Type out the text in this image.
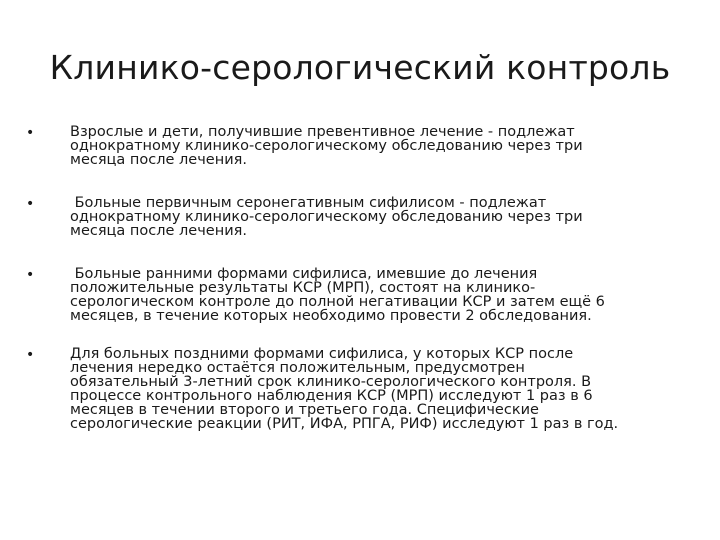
Клинико-серологический контроль
• Взрослые и дети, получившие превентивное лечение - подлежат
однократному клинико-серологическому обследованию через три
месяца после лечения.
• Больные первичным серонегативным сифилисом - подлежат
однократному клинико-серологическому обследованию через три
месяца после лечения.
• Больные ранними формами сифилиса, имевшие до лечения
положительные результаты КСР (МРП), состоят на клинико-
серологическом контроле до полной негативации КСР и затем ещё 6
месяцев, в течение которых необходимо провести 2 обследования.
• Для больных поздними формами сифилиса, у которых КСР после
лечения нередко остаётся положительным, предусмотрен
обязательный 3-летний срок клинико-серологического контроля. В
процессе контрольного наблюдения КСР (МРП) исследуют 1 раз в 6
месяцев в течении второго и третьего года. Специфические
серологические реакции (РИТ, ИФА, РПГА, РИФ) исследуют 1 раз в год.
